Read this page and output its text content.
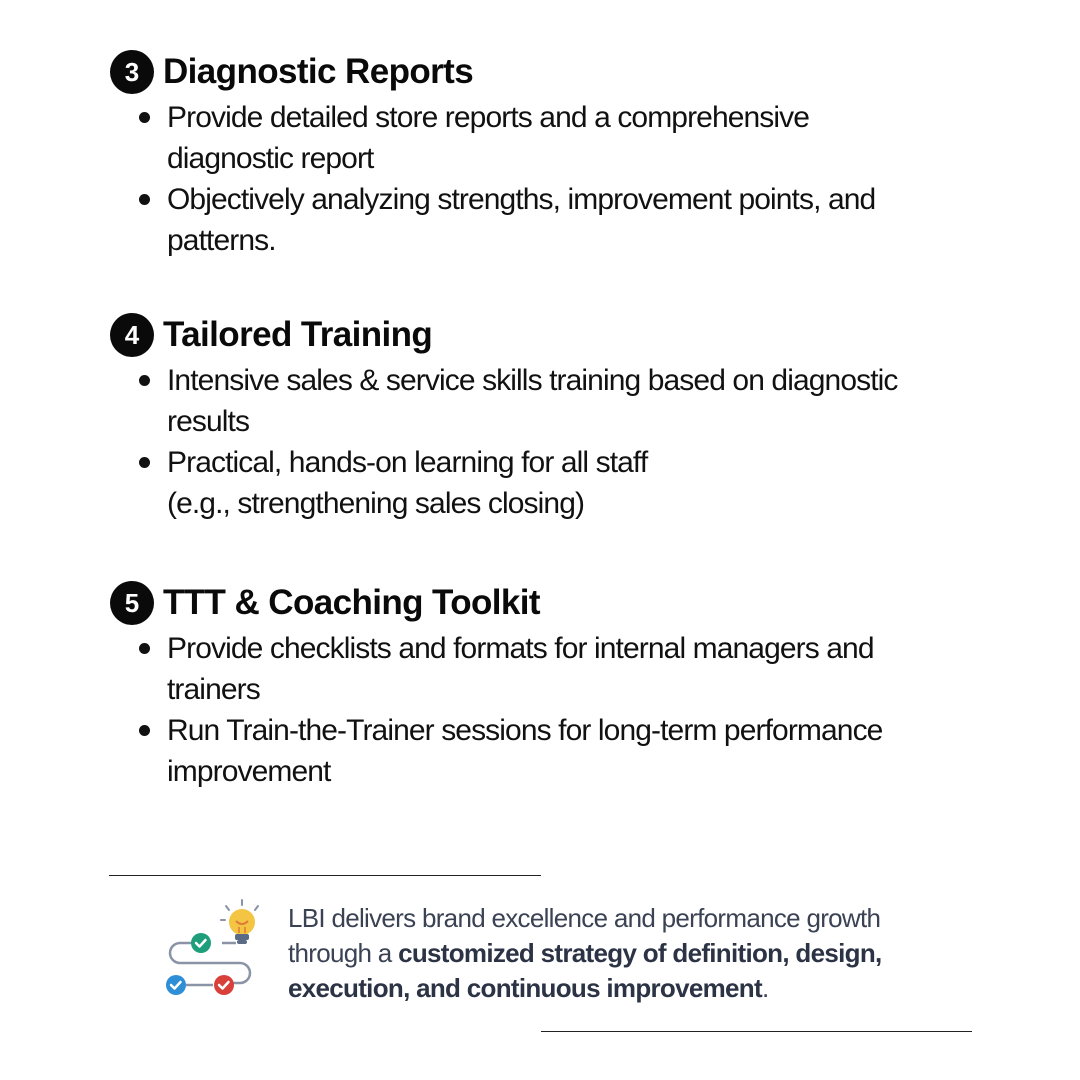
3 Diagnostic Reports
Provide detailed store reports and a comprehensive
diagnostic report
Objectively analyzing strengths, improvement points, and
patterns.
4 Tailored Training
Intensive sales & service skills training based on diagnostic
results
Practical, hands-on learning for all staff
(e.g., strengthening sales closing)
5 TTT & Coaching Toolkit
Provide checklists and formats for internal managers and
trainers
Run Train-the-Trainer sessions for long-term performance
improvement
LBI delivers brand excellence and performance growth
through a customized strategy of definition, design,
execution, and continuous improvement.
